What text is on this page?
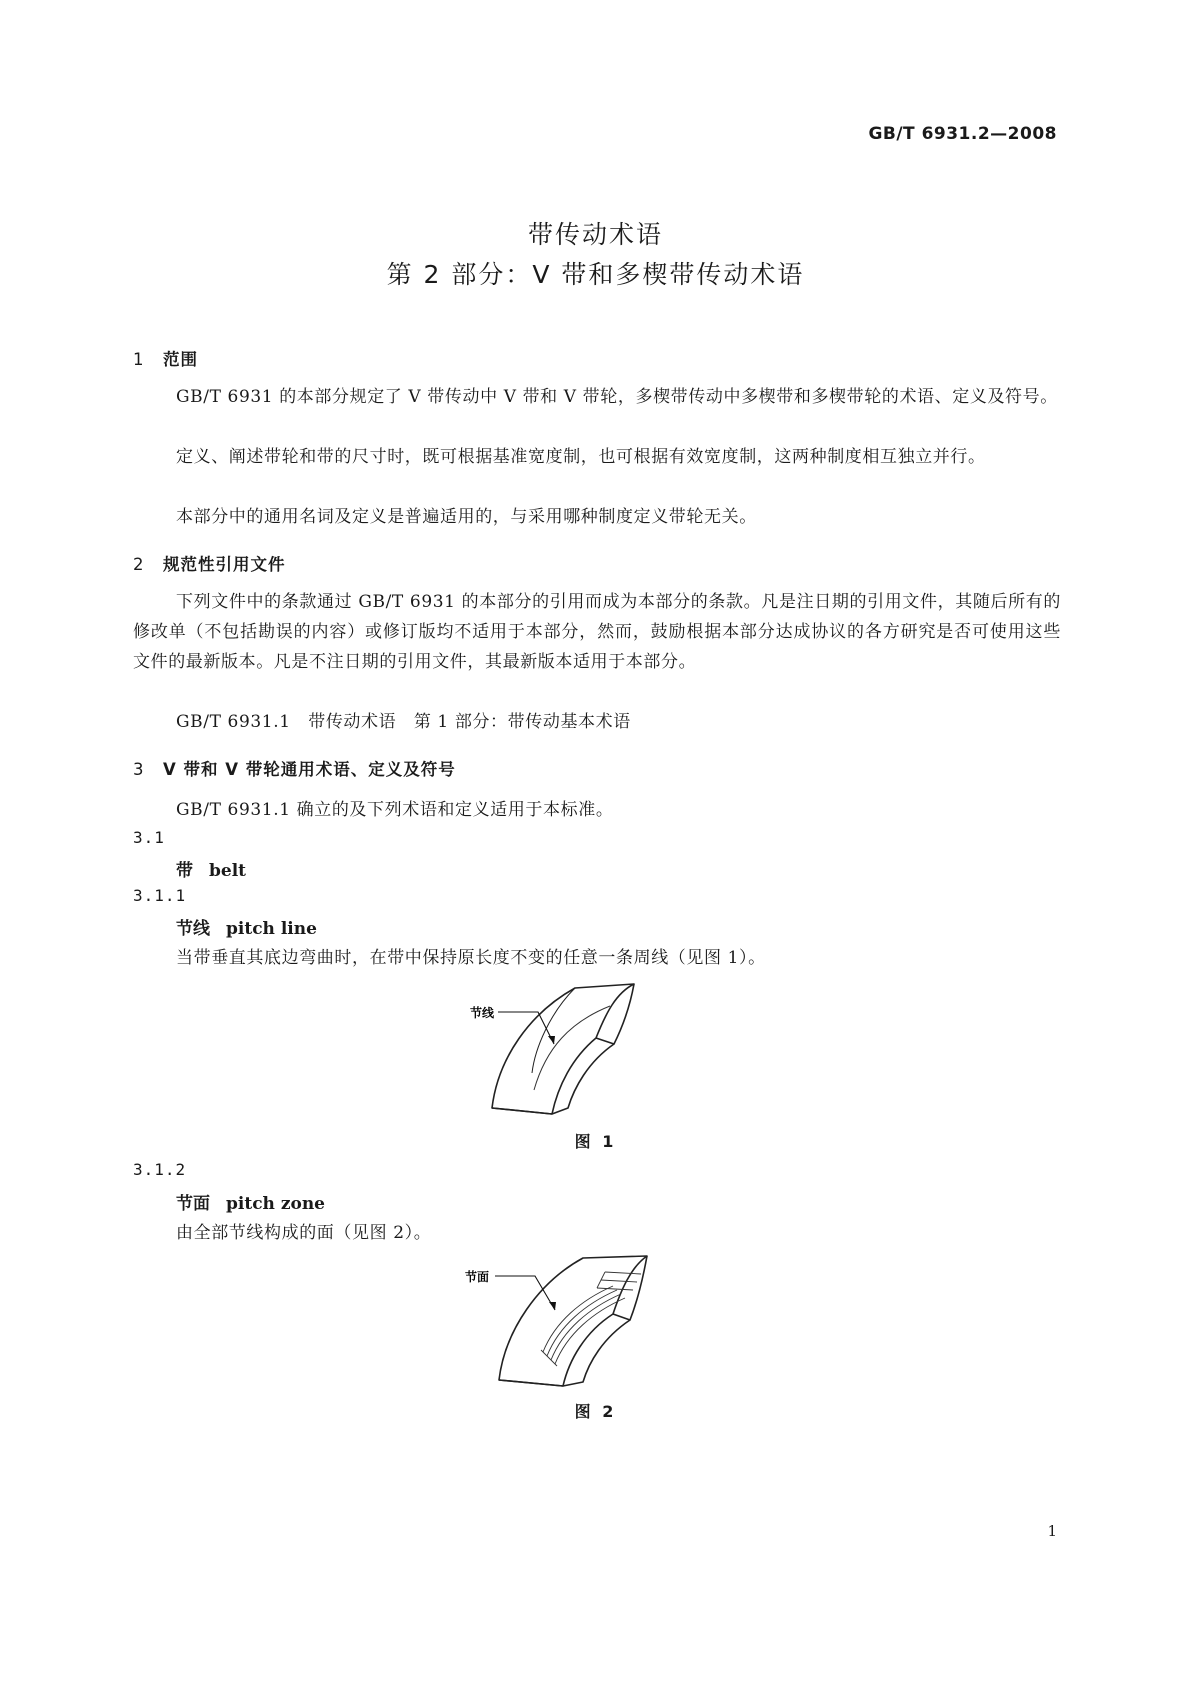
GB/T 6931.2—2008
带传动术语
第 2 部分：V 带和多楔带传动术语
1 范围
GB/T 6931 的本部分规定了 V 带传动中 V 带和 V 带轮，多楔带传动中多楔带和多楔带轮的术语、定义及符号。
定义、阐述带轮和带的尺寸时，既可根据基准宽度制，也可根据有效宽度制，这两种制度相互独立并行。
本部分中的通用名词及定义是普遍适用的，与采用哪种制度定义带轮无关。
2 规范性引用文件
下列文件中的条款通过 GB/T 6931 的本部分的引用而成为本部分的条款。凡是注日期的引用文件，其随后所有的修改单（不包括勘误的内容）或修订版均不适用于本部分，然而，鼓励根据本部分达成协议的各方研究是否可使用这些文件的最新版本。凡是不注日期的引用文件，其最新版本适用于本部分。
GB/T 6931.1　带传动术语　第 1 部分：带传动基本术语
3 V 带和 V 带轮通用术语、定义及符号
GB/T 6931.1 确立的及下列术语和定义适用于本标准。
3.1
带 belt
3.1.1
节线 pitch line
当带垂直其底边弯曲时，在带中保持原长度不变的任意一条周线（见图 1）。
节线
图 1
3.1.2
节面 pitch zone
由全部节线构成的面（见图 2）。
节面
图 2
1
